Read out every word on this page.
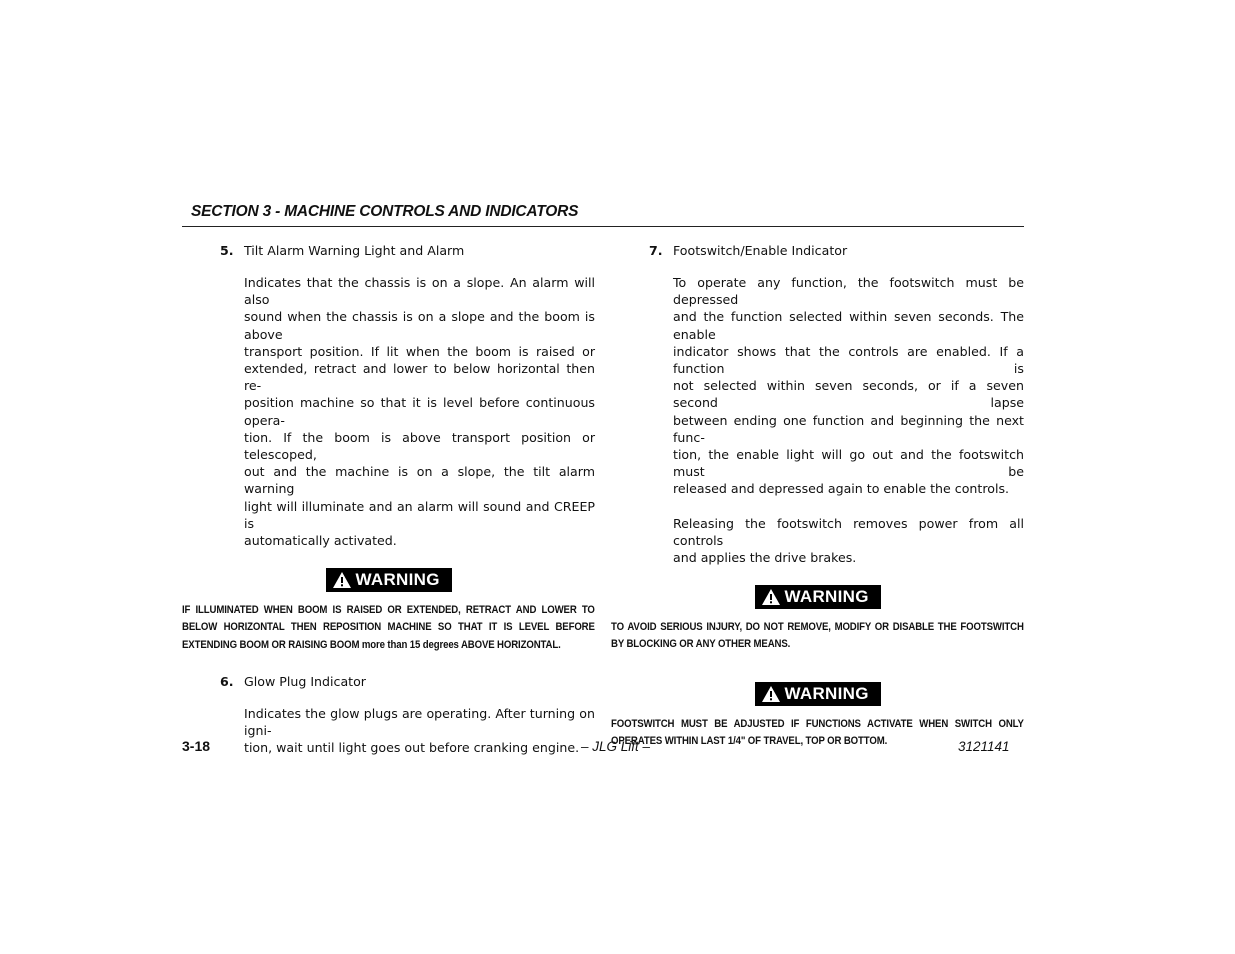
SECTION 3 - MACHINE CONTROLS AND INDICATORS
5. Tilt Alarm Warning Light and Alarm
Indicates that the chassis is on a slope. An alarm will also
sound when the chassis is on a slope and the boom is above
transport position. If lit when the boom is raised or
extended, retract and lower to below horizontal then re-
position machine so that it is level before continuous opera-
tion. If the boom is above transport position or telescoped,
out and the machine is on a slope, the tilt alarm warning
light will illuminate and an alarm will sound and CREEP is
automatically activated.
WARNING
IF ILLUMINATED WHEN BOOM IS RAISED OR EXTENDED, RETRACT AND LOWER TO
BELOW HORIZONTAL THEN REPOSITION MACHINE SO THAT IT IS LEVEL BEFORE
EXTENDING BOOM OR RAISING BOOM more than 15 degrees ABOVE HORIZONTAL.
6. Glow Plug Indicator
Indicates the glow plugs are operating. After turning on igni-
tion, wait until light goes out before cranking engine.
7. Footswitch/Enable Indicator
To operate any function, the footswitch must be depressed
and the function selected within seven seconds. The enable
indicator shows that the controls are enabled. If a function is
not selected within seven seconds, or if a seven second lapse
between ending one function and beginning the next func-
tion, the enable light will go out and the footswitch must be
released and depressed again to enable the controls.
Releasing the footswitch removes power from all controls
and applies the drive brakes.
WARNING
TO AVOID SERIOUS INJURY, DO NOT REMOVE, MODIFY OR DISABLE THE FOOTSWITCH
BY BLOCKING OR ANY OTHER MEANS.
WARNING
FOOTSWITCH MUST BE ADJUSTED IF FUNCTIONS ACTIVATE WHEN SWITCH ONLY
OPERATES WITHIN LAST 1/4" OF TRAVEL, TOP OR BOTTOM.
3-18	– JLG Lift –	3121141
